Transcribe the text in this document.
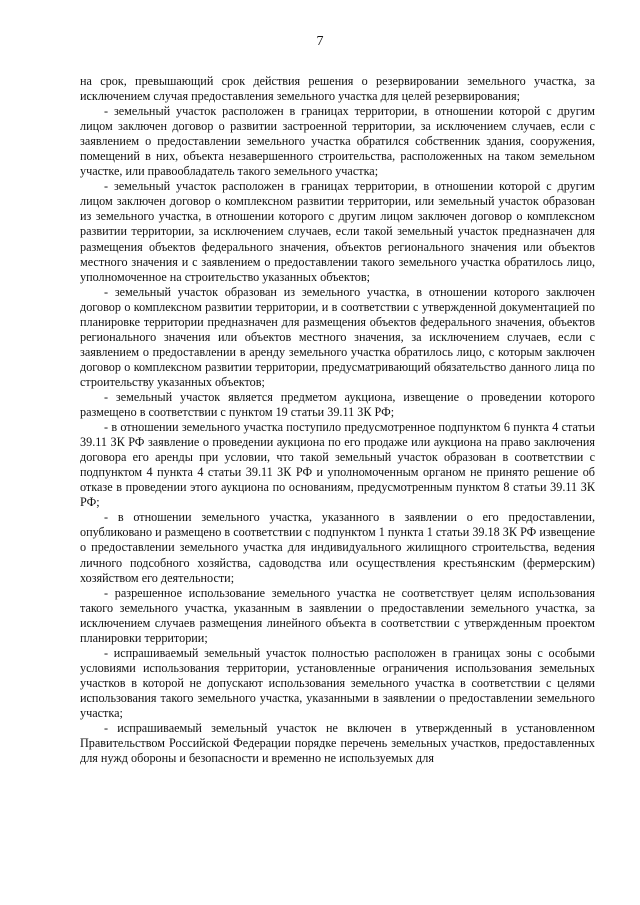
7

на срок, превышающий срок действия решения о резервировании земельного участка, за исключением случая предоставления земельного участка для целей резервирования;

- земельный участок расположен в границах территории, в отношении которой с другим лицом заключен договор о развитии застроенной территории, за исключением случаев, если с заявлением о предоставлении земельного участка обратился собственник здания, сооружения, помещений в них, объекта незавершенного строительства, расположенных на таком земельном участке, или правообладатель такого земельного участка;

- земельный участок расположен в границах территории, в отношении которой с другим лицом заключен договор о комплексном развитии территории, или земельный участок образован из земельного участка, в отношении которого с другим лицом заключен договор о комплексном развитии территории, за исключением случаев, если такой земельный участок предназначен для размещения объектов федерального значения, объектов регионального значения или объектов местного значения и с заявлением о предоставлении такого земельного участка обратилось лицо, уполномоченное на строительство указанных объектов;

- земельный участок образован из земельного участка, в отношении которого заключен договор о комплексном развитии территории, и в соответствии с утвержденной документацией по планировке территории предназначен для размещения объектов федерального значения, объектов регионального значения или объектов местного значения, за исключением случаев, если с заявлением о предоставлении в аренду земельного участка обратилось лицо, с которым заключен договор о комплексном развитии территории, предусматривающий обязательство данного лица по строительству указанных объектов;

- земельный участок является предметом аукциона, извещение о проведении которого размещено в соответствии с пунктом 19 статьи 39.11 ЗК РФ;

- в отношении земельного участка поступило предусмотренное подпунктом 6 пункта 4 статьи 39.11 ЗК РФ заявление о проведении аукциона по его продаже или аукциона на право заключения договора его аренды при условии, что такой земельный участок образован в соответствии с подпунктом 4 пункта 4 статьи 39.11 ЗК РФ и уполномоченным органом не принято решение об отказе в проведении этого аукциона по основаниям, предусмотренным пунктом 8 статьи 39.11 ЗК РФ;

- в отношении земельного участка, указанного в заявлении о его предоставлении, опубликовано и размещено в соответствии с подпунктом 1 пункта 1 статьи 39.18 ЗК РФ извещение о предоставлении земельного участка для индивидуального жилищного строительства, ведения личного подсобного хозяйства, садоводства или осуществления крестьянским (фермерским) хозяйством его деятельности;

- разрешенное использование земельного участка не соответствует целям использования такого земельного участка, указанным в заявлении о предоставлении земельного участка, за исключением случаев размещения линейного объекта в соответствии с утвержденным проектом планировки территории;

- испрашиваемый земельный участок полностью расположен в границах зоны с особыми условиями использования территории, установленные ограничения использования земельных участков в которой не допускают использования земельного участка в соответствии с целями использования такого земельного участка, указанными в заявлении о предоставлении земельного участка;

- испрашиваемый земельный участок не включен в утвержденный в установленном Правительством Российской Федерации порядке перечень земельных участков, предоставленных для нужд обороны и безопасности и временно не используемых для
